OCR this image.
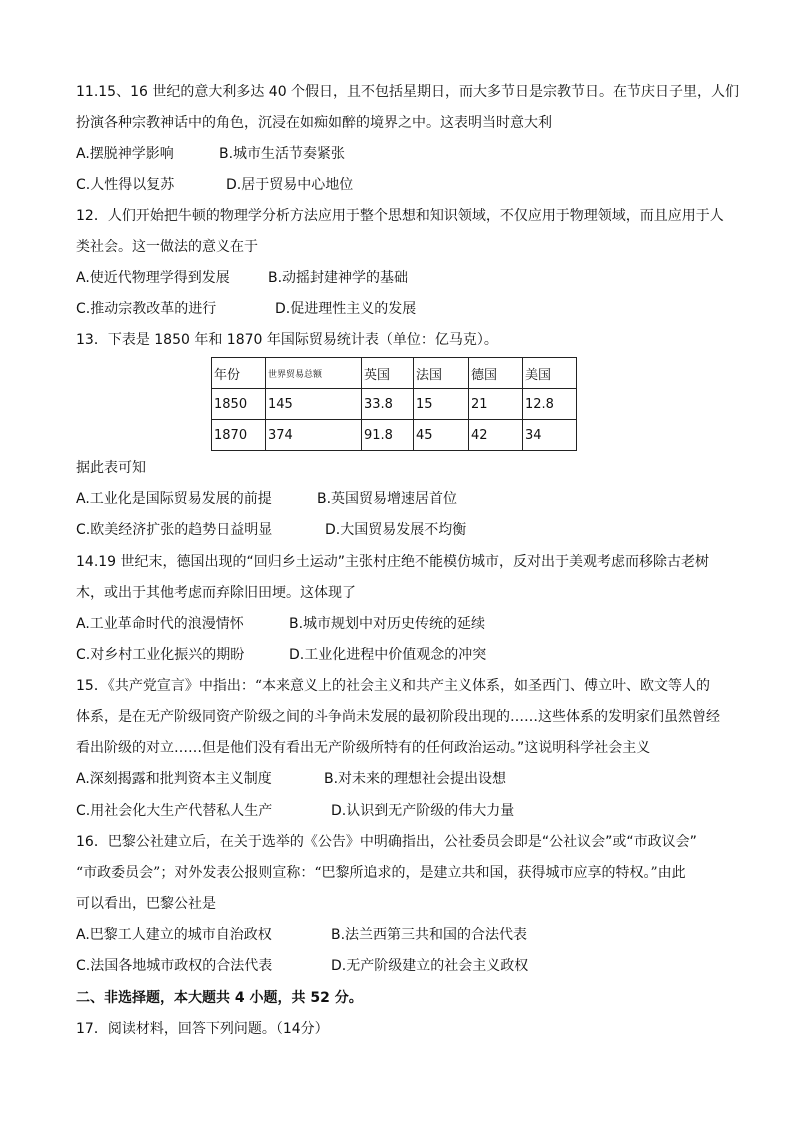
11.15、16 世纪的意大利多达 40 个假日，且不包括星期日，而大多节日是宗教节日。在节庆日子里，人们
扮演各种宗教神话中的角色，沉浸在如痴如醉的境界之中。这表明当时意大利
A.摆脱神学影响	B.城市生活节奏紧张
C.人性得以复苏	D.居于贸易中心地位
12．人们开始把牛顿的物理学分析方法应用于整个思想和知识领域，不仅应用于物理领域，而且应用于人
类社会。这一做法的意义在于
A.使近代物理学得到发展	B.动摇封建神学的基础
C.推动宗教改革的进行	D.促进理性主义的发展
13．下表是 1850 年和 1870 年国际贸易统计表（单位：亿马克）。
年份	世界贸易总额	英国	法国	德国	美国
1850	145	33.8	15	21	12.8
1870	374	91.8	45	42	34
据此表可知
A.工业化是国际贸易发展的前提	B.英国贸易增速居首位
C.欧美经济扩张的趋势日益明显	D.大国贸易发展不均衡
14.19 世纪末，德国出现的“回归乡土运动”主张村庄绝不能模仿城市，反对出于美观考虑而移除古老树
木，或出于其他考虑而弃除旧田埂。这体现了
A.工业革命时代的浪漫情怀	B.城市规划中对历史传统的延续
C.对乡村工业化振兴的期盼	D.工业化进程中价值观念的冲突
15．《共产党宣言》中指出：“本来意义上的社会主义和共产主义体系，如圣西门、傅立叶、欧文等人的
体系，是在无产阶级同资产阶级之间的斗争尚未发展的最初阶段出现的……这些体系的发明家们虽然曾经
看出阶级的对立……但是他们没有看出无产阶级所特有的任何政治运动。”这说明科学社会主义
A.深刻揭露和批判资本主义制度	B.对未来的理想社会提出设想
C.用社会化大生产代替私人生产	D.认识到无产阶级的伟大力量
16．巴黎公社建立后，在关于选举的《公告》中明确指出，公社委员会即是“公社议会”或“市政议会”
“市政委员会”；对外发表公报则宣称：“巴黎所追求的，是建立共和国，获得城市应享的特权。”由此
可以看出，巴黎公社是
A.巴黎工人建立的城市自治政权	B.法兰西第三共和国的合法代表
C.法国各地城市政权的合法代表	D.无产阶级建立的社会主义政权
二、非选择题，本大题共 4 小题，共 52 分。
17．阅读材料，回答下列问题。（14分）
